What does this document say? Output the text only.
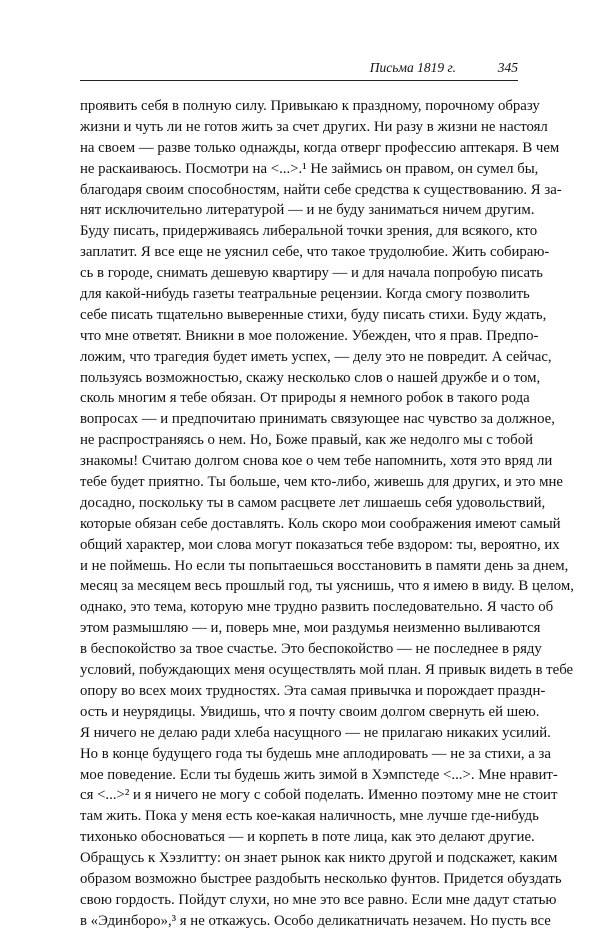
Письма 1819 г.	345
проявить себя в полную силу. Привыкаю к праздному, порочному образу
жизни и чуть ли не готов жить за счет других. Ни разу в жизни не настоял
на своем — разве только однажды, когда отверг профессию аптекаря. В чем
не раскаиваюсь. Посмотри на <...>.¹ Не займись он правом, он сумел бы,
благодаря своим способностям, найти себе средства к существованию. Я за-
нят исключительно литературой — и не буду заниматься ничем другим.
Буду писать, придерживаясь либеральной точки зрения, для всякого, кто
заплатит. Я все еще не уяснил себе, что такое трудолюбие. Жить собираю-
сь в городе, снимать дешевую квартиру — и для начала попробую писать
для какой-нибудь газеты театральные рецензии. Когда смогу позволить
себе писать тщательно выверенные стихи, буду писать стихи. Буду ждать,
что мне ответят. Вникни в мое положение. Убежден, что я прав. Предпо-
ложим, что трагедия будет иметь успех, — делу это не повредит. А сейчас,
пользуясь возможностью, скажу несколько слов о нашей дружбе и о том,
сколь многим я тебе обязан. От природы я немного робок в такого рода
вопросах — и предпочитаю принимать связующее нас чувство за должное,
не распространяясь о нем. Но, Боже правый, как же недолго мы с тобой
знакомы! Считаю долгом снова кое о чем тебе напомнить, хотя это вряд ли
тебе будет приятно. Ты больше, чем кто-либо, живешь для других, и это мне
досадно, поскольку ты в самом расцвете лет лишаешь себя удовольствий,
которые обязан себе доставлять. Коль скоро мои соображения имеют самый
общий характер, мои слова могут показаться тебе вздором: ты, вероятно, их
и не поймешь. Но если ты попытаешься восстановить в памяти день за днем,
месяц за месяцем весь прошлый год, ты уяснишь, что я имею в виду. В целом,
однако, это тема, которую мне трудно развить последовательно. Я часто об
этом размышляю — и, поверь мне, мои раздумья неизменно выливаются
в беспокойство за твое счастье. Это беспокойство — не последнее в ряду
условий, побуждающих меня осуществлять мой план. Я привык видеть в тебе
опору во всех моих трудностях. Эта самая привычка и порождает праздн-
ость и неурядицы. Увидишь, что я почту своим долгом свернуть ей шею.
Я ничего не делаю ради хлеба насущного — не прилагаю никаких усилий.
Но в конце будущего года ты будешь мне аплодировать — не за стихи, а за
мое поведение. Если ты будешь жить зимой в Хэмпстеде <...>. Мне нравит-
ся <...>² и я ничего не могу с собой поделать. Именно поэтому мне не стоит
там жить. Пока у меня есть кое-какая наличность, мне лучше где-нибудь
тихонько обосноваться — и корпеть в поте лица, как это делают другие.
Обращусь к Хэзлитту: он знает рынок как никто другой и подскажет, каким
образом возможно быстрее раздобыть несколько фунтов. Придется обуздать
свою гордость. Пойдут слухи, но мне это все равно. Если мне дадут статью
в «Эдинборо»,³ я не откажусь. Особо деликатничать незачем. Но пусть все
